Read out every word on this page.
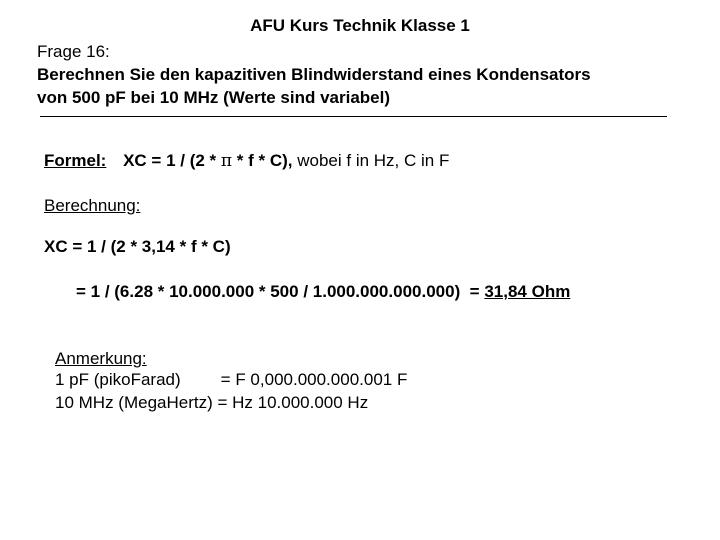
AFU Kurs Technik Klasse 1
Frage 16:
Berechnen Sie den kapazitiven Blindwiderstand eines Kondensators
von 500 pF bei 10 MHz (Werte sind variabel)
Formel: XC = 1 / (2 * π * f * C), wobei f in Hz, C in F
Berechnung:
XC = 1 / (2 * 3,14 * f * C)
= 1 / (6.28 * 10.000.000 * 500 / 1.000.000.000.000)  = 31,84 Ohm
Anmerkung:
1 pF (pikoFarad) = F 0,000.000.000.001 F
10 MHz (MegaHertz) = Hz 10.000.000 Hz
